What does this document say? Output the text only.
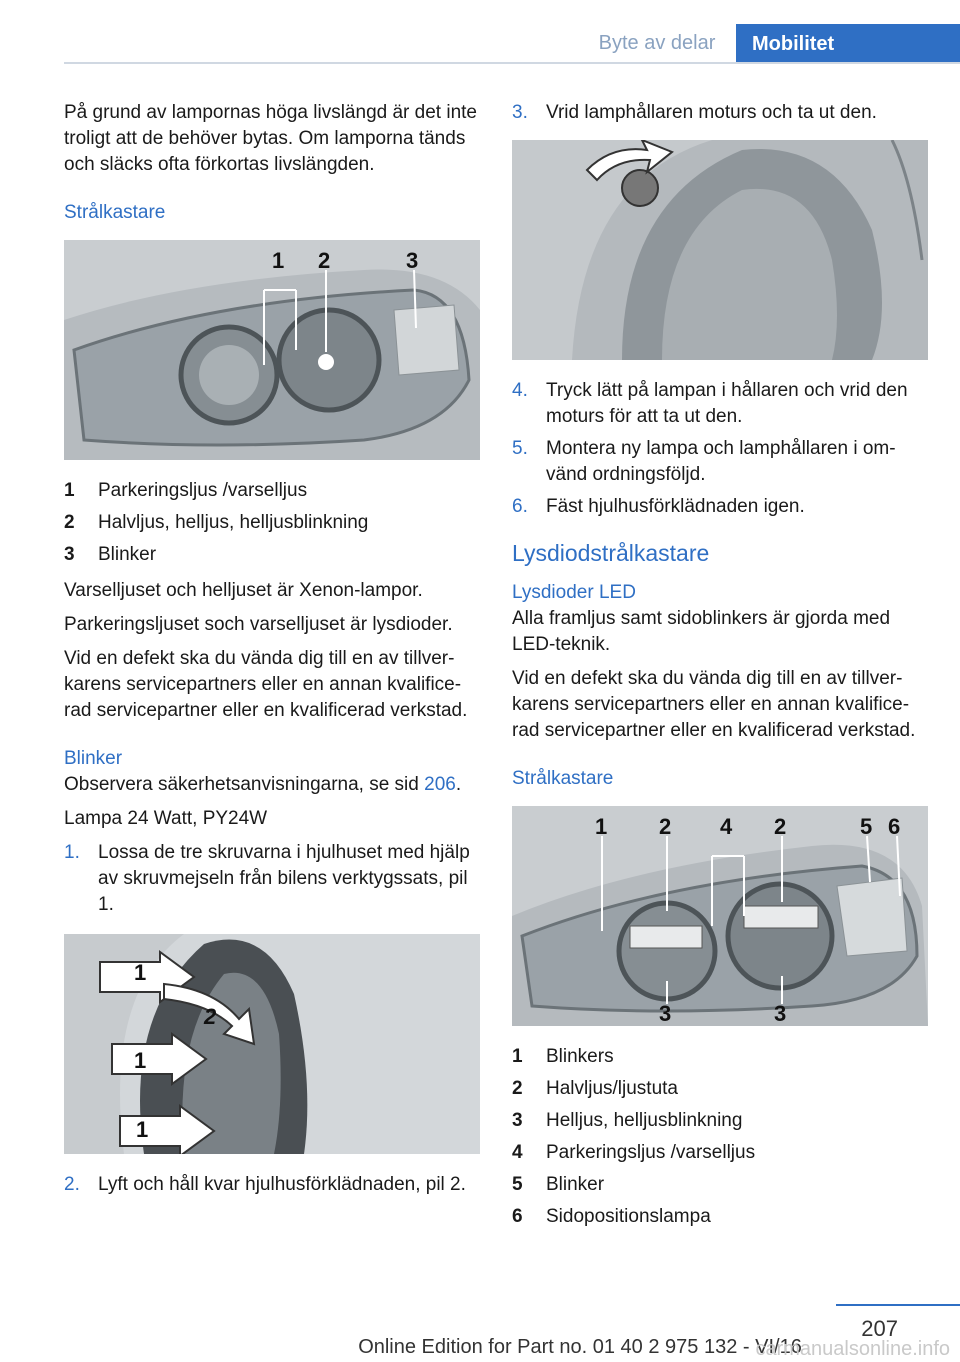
Byte av delar	Mobilitet

På grund av lampornas höga livslängd är det inte troligt att de behöver bytas. Om lamporna tänds och släcks ofta förkortas livslängden.

Strålkastare

1 2	3
1	Parkeringsljus /varselljus
2	Halvljus, helljus, helljusblinkning
3	Blinker

Varselljuset och helljuset är Xenon-lampor.

Parkeringsljuset soch varselljuset är lysdioder.

Vid en defekt ska du vända dig till en av tillverkarens servicepartners eller en annan kvalificerad servicepartner eller en kvalificerad verkstad.

Blinker

Observera säkerhetsanvisningarna, se sid 206.

Lampa 24 Watt, PY24W

1. Lossa de tre skruvarna i hjulhuset med hjälp av skruvmejseln från bilens verktygssats, pil 1.
1
2
1
1
2. Lyft och håll kvar hjulhusförklädnaden, pil 2.
3. Vrid lamphållaren moturs och ta ut den.
4. Tryck lätt på lampan i hållaren och vrid den moturs för att ta ut den.
5. Montera ny lampa och lamphållaren i omvänd ordningsföljd.
6. Fäst hjulhusförklädnaden igen.

Lysdiodstrålkastare

Lysdioder LED

Alla framljus samt sidoblinkers är gjorda med LED-teknik.

Vid en defekt ska du vända dig till en av tillverkarens servicepartners eller en annan kvalificerad servicepartner eller en kvalificerad verkstad.

Strålkastare

1 2 4 2	5 6
3	3
1	Blinkers
2	Halvljus/ljustuta
3	Helljus, helljusblinkning
4	Parkeringsljus /varselljus
5	Blinker
6	Sidopositionslampa
207
Online Edition for Part no. 01 40 2 975 132 - VI/16
carmanualsonline.info
